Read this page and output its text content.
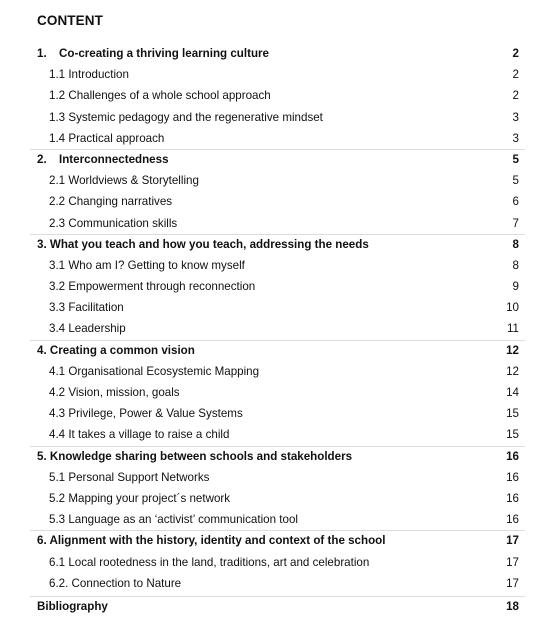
CONTENT
1. Co-creating a thriving learning culture	2
1.1 Introduction	2
1.2 Challenges of a whole school approach	2
1.3 Systemic pedagogy and the regenerative mindset	3
1.4 Practical approach	3
2. Interconnectedness	5
2.1 Worldviews & Storytelling	5
2.2 Changing narratives	6
2.3 Communication skills	7
3. What you teach and how you teach, addressing the needs	8
3.1 Who am I? Getting to know myself	8
3.2 Empowerment through reconnection	9
3.3 Facilitation	10
3.4 Leadership	11
4. Creating a common vision	12
4.1 Organisational Ecosystemic Mapping	12
4.2 Vision, mission, goals	14
4.3 Privilege, Power & Value Systems	15
4.4 It takes a village to raise a child	15
5. Knowledge sharing between schools and stakeholders	16
5.1 Personal Support Networks	16
5.2 Mapping your project´s network	16
5.3 Language as an ‘activist’ communication tool	16
6. Alignment with the history, identity and context of the school	17
6.1 Local rootedness in the land, traditions, art and celebration	17
6.2. Connection to Nature	17
Bibliography	18
